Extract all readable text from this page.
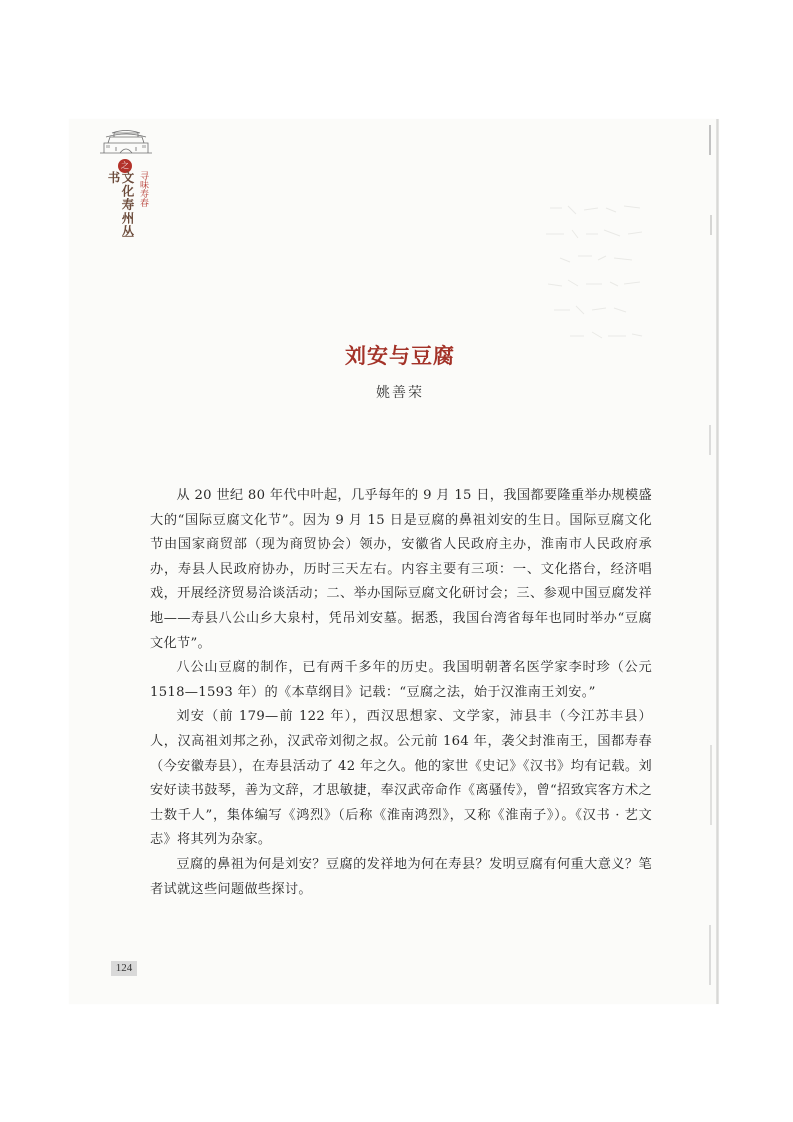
之
寻味寿春
文化寿州丛书
刘安与豆腐
姚善荣

从 20 世纪 80 年代中叶起，几乎每年的 9 月 15 日，我国都要隆重举办规模盛大的“国际豆腐文化节”。因为 9 月 15 日是豆腐的鼻祖刘安的生日。国际豆腐文化节由国家商贸部（现为商贸协会）领办，安徽省人民政府主办，淮南市人民政府承办，寿县人民政府协办，历时三天左右。内容主要有三项：一、文化搭台，经济唱戏，开展经济贸易洽谈活动；二、举办国际豆腐文化研讨会；三、参观中国豆腐发祥地——寿县八公山乡大泉村，凭吊刘安墓。据悉，我国台湾省每年也同时举办“豆腐文化节”。

八公山豆腐的制作，已有两千多年的历史。我国明朝著名医学家李时珍（公元 1518—1593 年）的《本草纲目》记载：“豆腐之法，始于汉淮南王刘安。”

刘安（前 179—前 122 年），西汉思想家、文学家，沛县丰（今江苏丰县）人，汉高祖刘邦之孙，汉武帝刘彻之叔。公元前 164 年，袭父封淮南王，国都寿春（今安徽寿县），在寿县活动了 42 年之久。他的家世《史记》《汉书》均有记载。刘安好读书鼓琴，善为文辞，才思敏捷，奉汉武帝命作《离骚传》，曾“招致宾客方术之士数千人”，集体编写《鸿烈》（后称《淮南鸿烈》，又称《淮南子》）。《汉书 · 艺文志》将其列为杂家。

豆腐的鼻祖为何是刘安？豆腐的发祥地为何在寿县？发明豆腐有何重大意义？笔者试就这些问题做些探讨。

124
